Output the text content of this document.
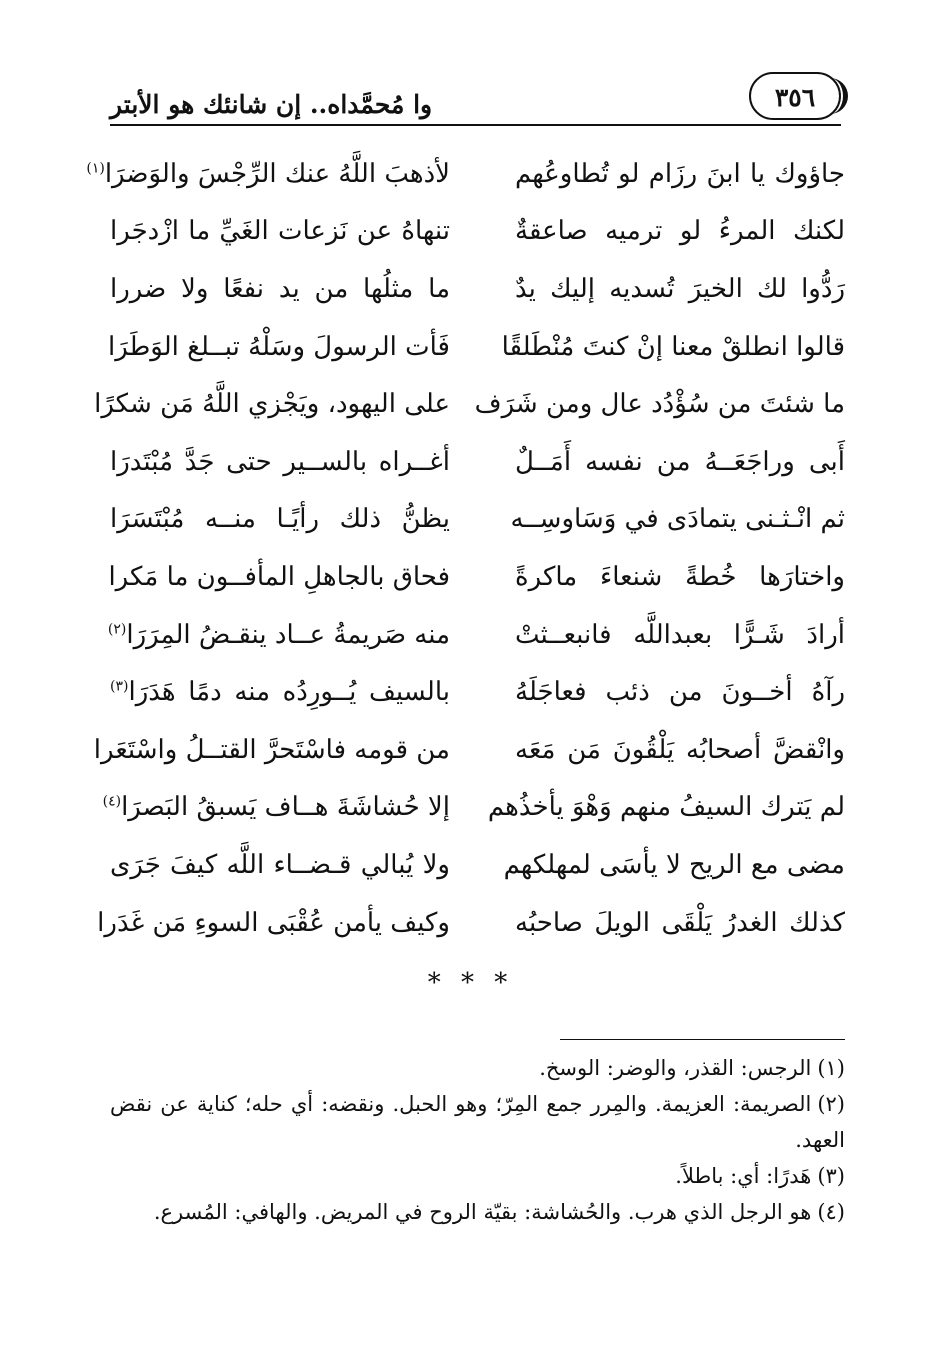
٣٥٦
وا مُحمَّداه.. إن شانئك هو الأبتر
جاؤوك يا ابنَ رزَام لو تُطاوعُهم
لأذهبَ اللَّهُ عنك الرِّجْسَ والوَضرَا$^{(١)}$
لكنك المرءُ لو ترميه صاعقةٌ
تنهاهُ عن نَزعات الغَيِّ ما ازْدجَرا
رَدُّوا لك الخيرَ تُسديه إليك يدٌ
ما مثلُها من يد نفعًا ولا ضررا
قالوا انطلقْ معنا إنْ كنتَ مُنْطَلقًا
فَأت الرسولَ وسَلْهُ تبــلغ الوَطَرَا
ما شئتَ من سُؤْدُد عال ومن شَرَف
على اليهود، ويَجْزي اللَّهُ مَن شكرًا
أَبى وراجَعَــهُ من نفسه أَمَــلٌ
أغــراه بالســير حتى جَدَّ مُبْتَدرَا
ثم انْـثـنى يتمادَى في وَسَاوسِــه
يظنُّ ذلك رأيًـا منــه مُبْتَسَرَا
واختارَها خُطةً شنعاءَ ماكرةً
فحاق بالجاهلِ المأفــون ما مَكرا
أرادَ شَـرًّا بعبداللَّه فانبعــثتْ
منه صَريمةُ عــاد ينقـضُ المِرَرَا$^{(٢)}$
رآهُ أخــونَ من ذئب فعاجَلَهُ
بالسيف يُــورِدُه منه دمًا هَدَرَا$^{(٣)}$
وانْقضَّ أصحابُه يَلْقُونَ مَن مَعَه
من قومه فاسْتَحرَّ القتــلُ واسْتَعَرا
لم يَترك السيفُ منهم وَهْوَ يأخذُهم
إلا حُشاشَةَ هــاف يَسبقُ البَصرَا$^{(٤)}$
مضى مع الريح لا يأسَى لمهلكهم
ولا يُبالي قـضــاء اللَّه كيفَ جَرَى
كذلك الغدرُ يَلْقَى الويلَ صاحبُه
وكيف يأمن عُقْبَى السوءِ مَن غَدَرا
* * *

(١)الرجس: القذر، والوضر: الوسخ.

(٢)الصريمة: العزيمة. والمِرر جمع المِرّ؛ وهو الحبل. ونقضه: أي حله؛ كناية عن نقض العهد.

(٣)هَدرًا: أي: باطلاً.

(٤)هو الرجل الذي هرب. والحُشاشة: بقيّة الروح في المريض. والهافي: المُسرع.
